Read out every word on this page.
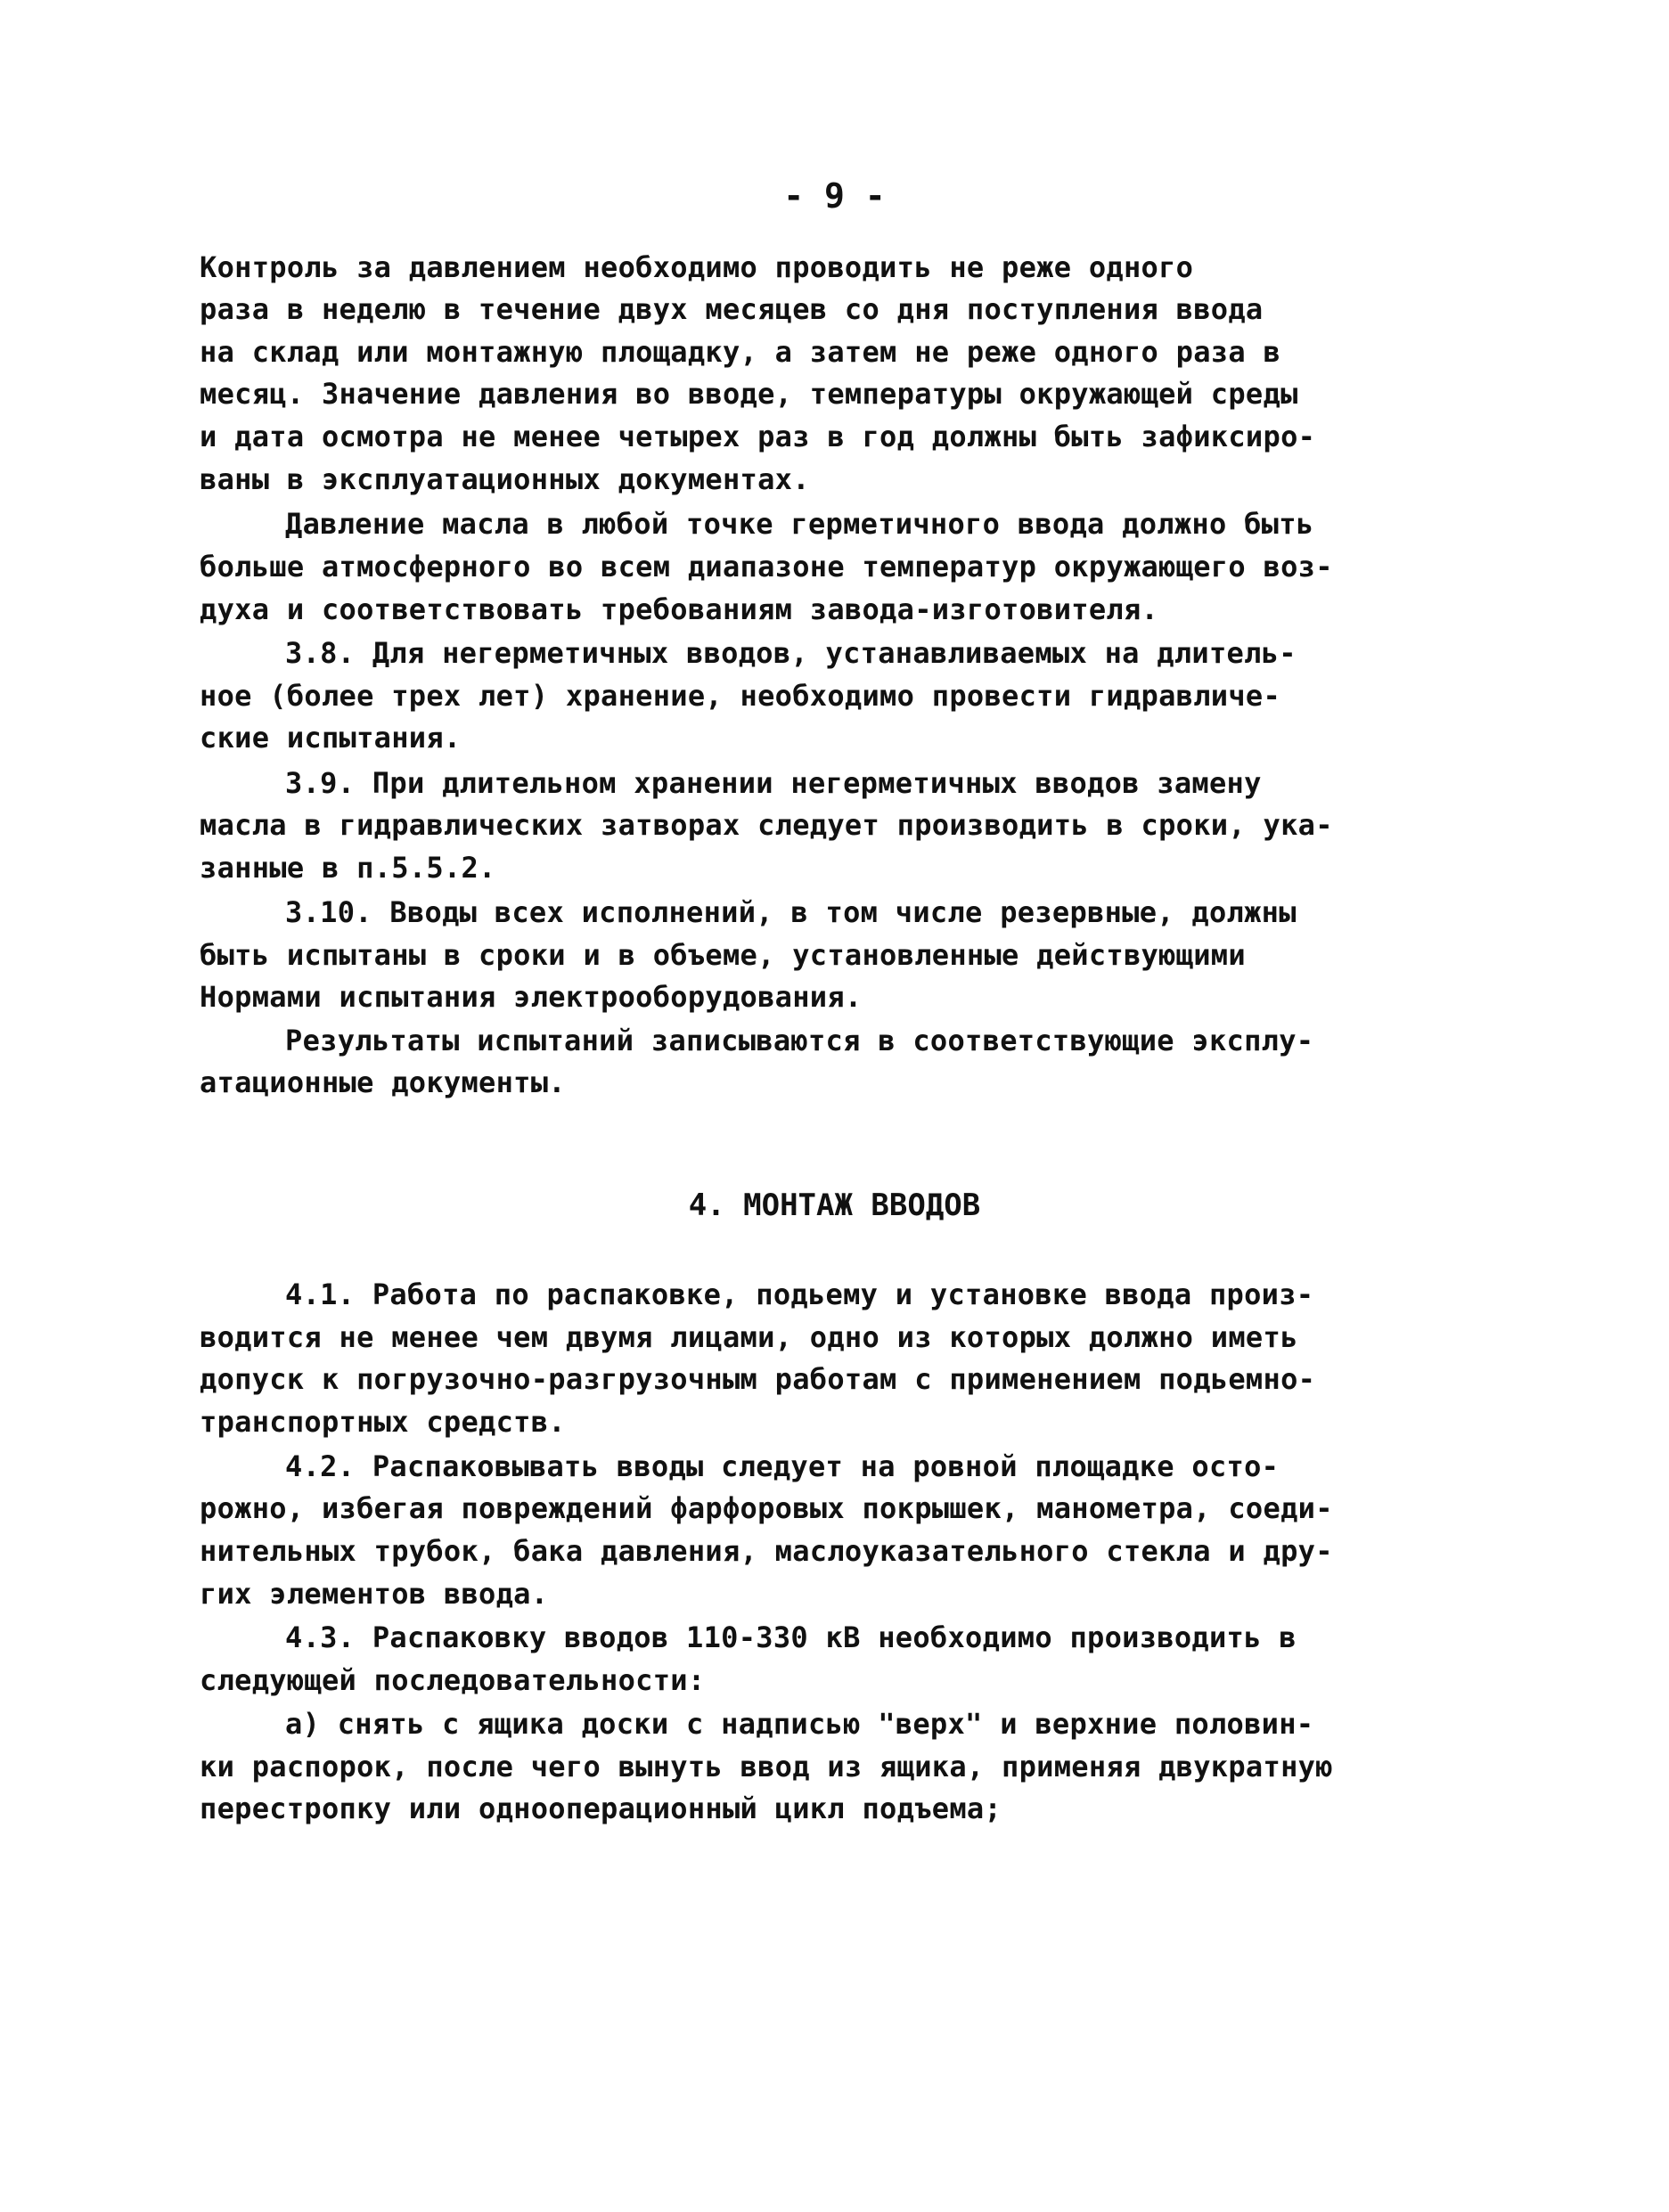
- 9 -
Контроль за давлением необходимо проводить не реже одного
раза в неделю в течение двух месяцев со дня поступления ввода
на склад или монтажную площадку, а затем не реже одного раза в
месяц. Значение давления во вводе, температуры окружающей среды
и дата осмотра не менее четырех раз в год должны быть зафиксиро-
ваны в эксплуатационных документах.
Давление масла в любой точке герметичного ввода должно быть
больше атмосферного во всем диапазоне температур окружающего воз-
духа и соответствовать требованиям завода-изготовителя.
3.8. Для негерметичных вводов, устанавливаемых на длитель-
ное (более трех лет) хранение, необходимо провести гидравличе-
ские испытания.
3.9. При длительном хранении негерметичных вводов замену
масла в гидравлических затворах следует производить в сроки, ука-
занные в п.5.5.2.
3.10. Вводы всех исполнений, в том числе резервные, должны
быть испытаны в сроки и в объеме, установленные действующими
Нормами испытания электрооборудования.
Результаты испытаний записываются в соответствующие эксплу-
атационные документы.
4. МОНТАЖ ВВОДОВ
4.1. Работа по распаковке, подьему и установке ввода произ-
водится не менее чем двумя лицами, одно из которых должно иметь
допуск к погрузочно-разгрузочным работам с применением подьемно-
транспортных средств.
4.2. Распаковывать вводы следует на ровной площадке осто-
рожно, избегая повреждений фарфоровых покрышек, манометра, соеди-
нительных трубок, бака давления, маслоуказательного стекла и дру-
гих элементов ввода.
4.3. Распаковку вводов 110-330 кВ необходимо производить в
следующей последовательности:
а) снять с ящика доски с надписью "верх" и верхние половин-
ки распорок, после чего вынуть ввод из ящика, применяя двукратную
перестропку или однооперационный цикл подъема;
